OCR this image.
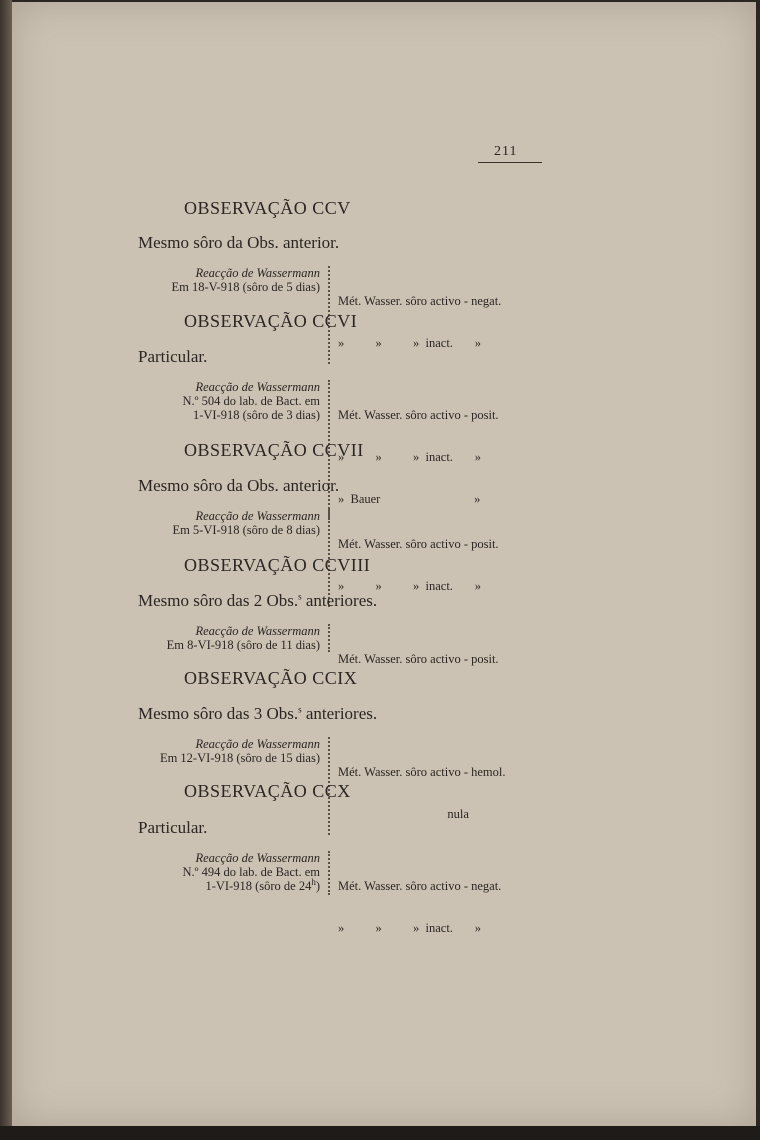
211
OBSERVAÇÃO CCV
Mesmo sôro da Obs. anterior.
Reacção de Wassermann
Em 18-V-918 (sôro de 5 dias)

Mét. Wasser. sôro activo - negat.

»          »          »  inact.       »

OBSERVAÇÃO CCVI
Particular.
Reacção de Wassermann
N.º 504 do lab. de Bact. em
1-VI-918 (sôro de 3 dias)

Mét. Wasser. sôro activo - posit.

»          »          »  inact.       »

»  Bauer                              »

OBSERVAÇÃO CCVII
Mesmo sôro da Obs. anterior.
Reacção de Wassermann
Em 5-VI-918 (sôro de 8 dias)

Mét. Wasser. sôro activo - posit.

»          »          »  inact.       »

OBSERVAÇÃO CCVIII
Mesmo sôro das 2 Obs.$^s$ anteriores.
Reacção de Wassermann
Em 8-VI-918 (sôro de 11 dias)

Mét. Wasser. sôro activo - posit.

OBSERVAÇÃO CCIX
Mesmo sôro das 3 Obs.$^s$ anteriores.
Reacção de Wassermann
Em 12-VI-918 (sôro de 15 dias)

Mét. Wasser. sôro activo - hemol.

nula

OBSERVAÇÃO CCX
Particular.
Reacção de Wassermann
N.º 494 do lab. de Bact. em
1-VI-918 (sôro de 24$^h$)

Mét. Wasser. sôro activo - negat.

»          »          »  inact.       »
